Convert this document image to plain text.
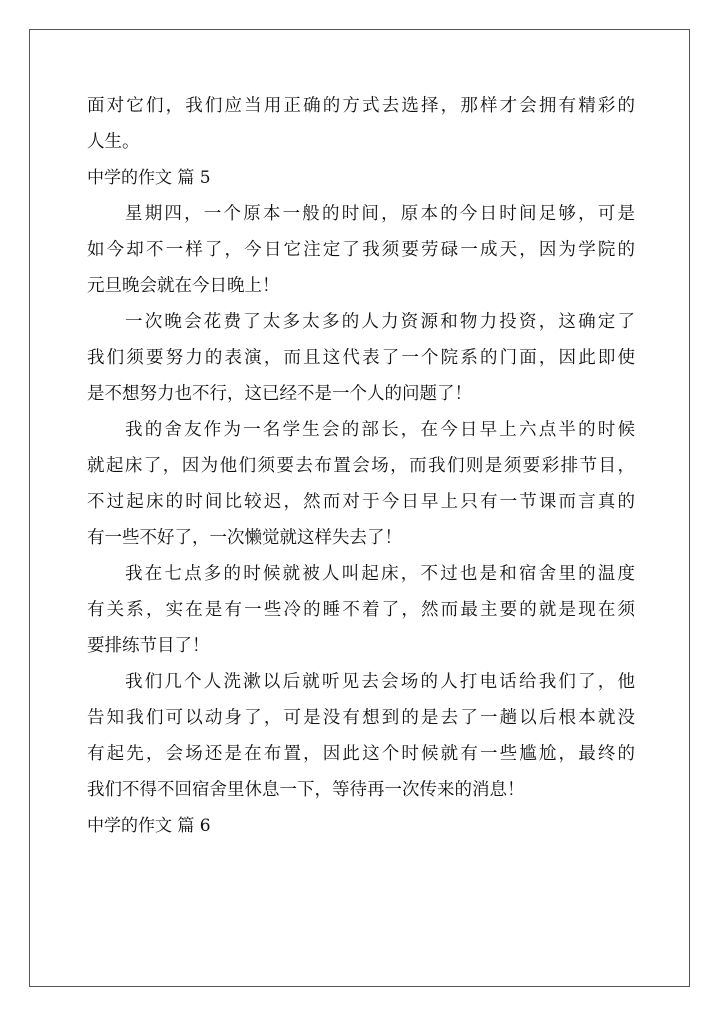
面对它们，我们应当用正确的方式去选择，那样才会拥有精彩的
人生。
中学的作文 篇 5
星期四，一个原本一般的时间，原本的今日时间足够，可是
如今却不一样了，今日它注定了我须要劳碌一成天，因为学院的
元旦晚会就在今日晚上！
一次晚会花费了太多太多的人力资源和物力投资，这确定了
我们须要努力的表演，而且这代表了一个院系的门面，因此即使
是不想努力也不行，这已经不是一个人的问题了！
我的舍友作为一名学生会的部长，在今日早上六点半的时候
就起床了，因为他们须要去布置会场，而我们则是须要彩排节目，
不过起床的时间比较迟，然而对于今日早上只有一节课而言真的
有一些不好了，一次懒觉就这样失去了！
我在七点多的时候就被人叫起床，不过也是和宿舍里的温度
有关系，实在是有一些冷的睡不着了，然而最主要的就是现在须
要排练节目了！
我们几个人洗漱以后就听见去会场的人打电话给我们了，他
告知我们可以动身了，可是没有想到的是去了一趟以后根本就没
有起先，会场还是在布置，因此这个时候就有一些尴尬，最终的
我们不得不回宿舍里休息一下，等待再一次传来的消息！
中学的作文 篇 6
